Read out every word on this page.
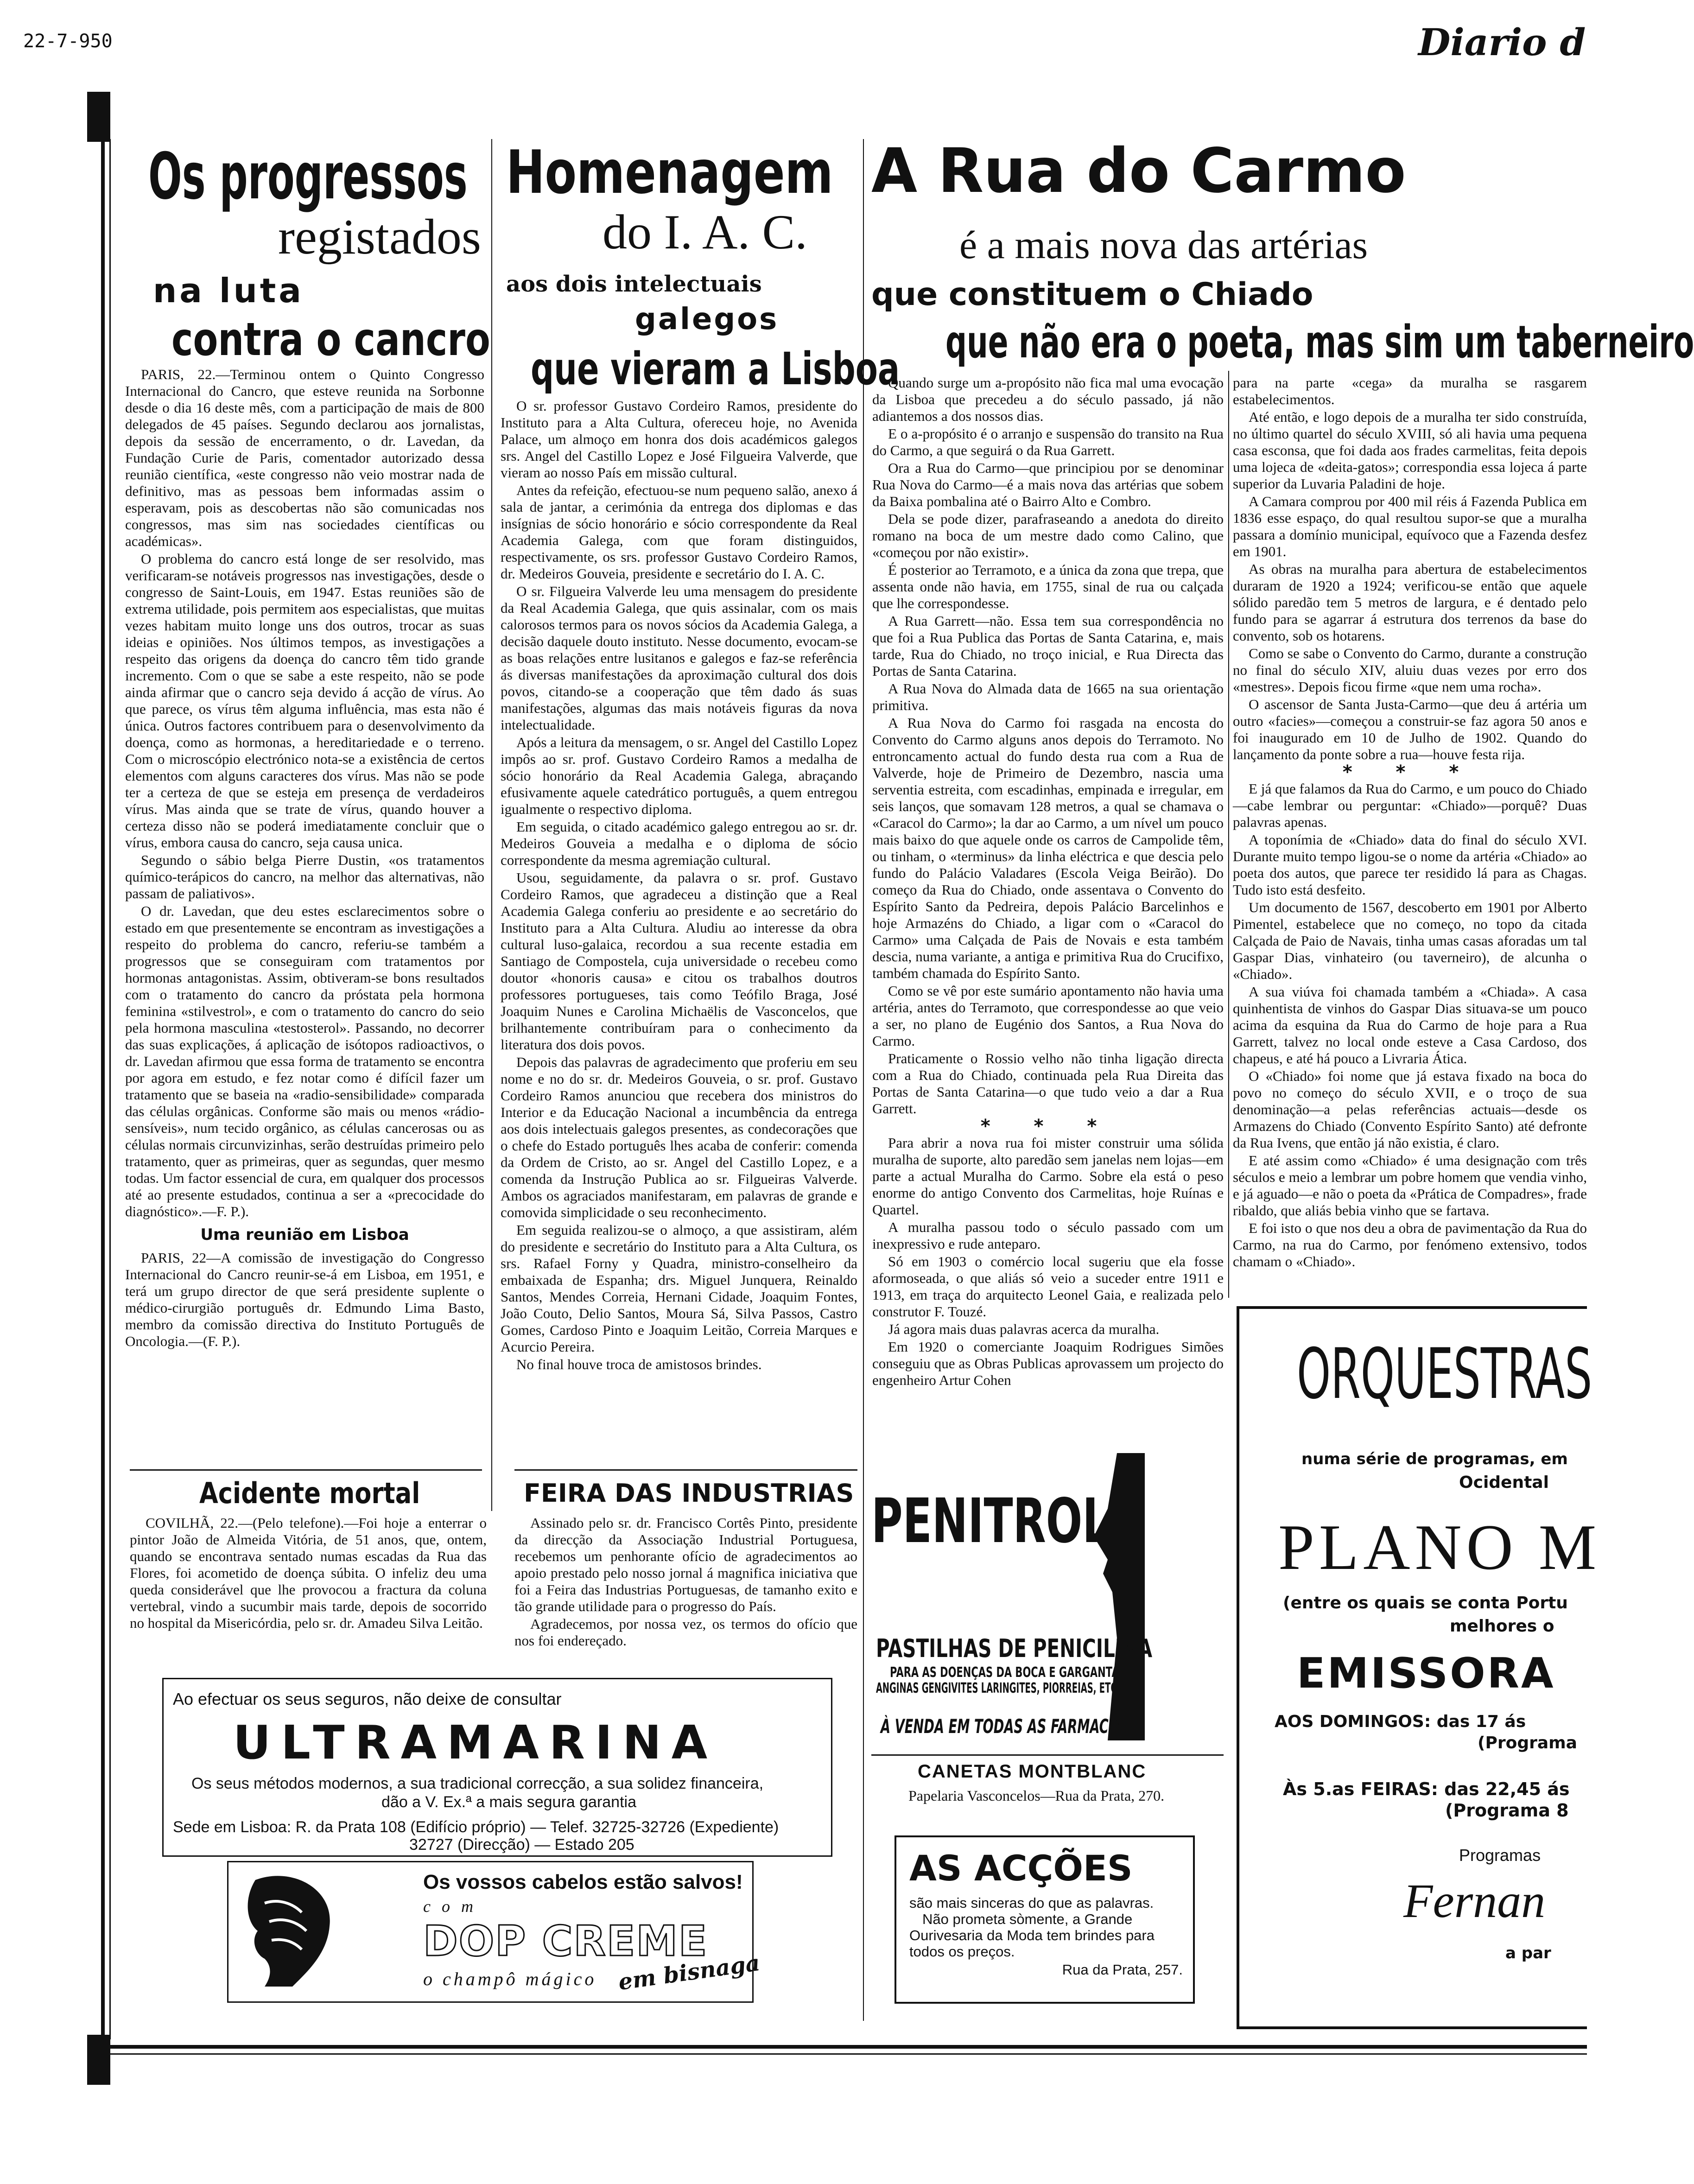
22-7-950	Diario d
Os progressos
registados
na luta
contra o cancro

PARIS, 22.—Terminou ontem o Quinto Congresso Internacional do Cancro, que esteve reunida na Sorbonne desde o dia 16 deste mês, com a participação de mais de 800 delegados de 45 países. Segundo declarou aos jornalistas, depois da sessão de encerramento, o dr. Lavedan, da Fundação Curie de Paris, comentador autorizado dessa reunião científica, «este congresso não veio mostrar nada de definitivo, mas as pessoas bem informadas assim o esperavam, pois as descobertas não são comunicadas nos congressos, mas sim nas sociedades científicas ou académicas».

O problema do cancro está longe de ser resolvido, mas verificaram-se notáveis progressos nas investigações, desde o congresso de Saint-Louis, em 1947. Estas reuniões são de extrema utilidade, pois permitem aos especialistas, que muitas vezes habitam muito longe uns dos outros, trocar as suas ideias e opiniões. Nos últimos tempos, as investigações a respeito das origens da doença do cancro têm tido grande incremento. Com o que se sabe a este respeito, não se pode ainda afirmar que o cancro seja devido á acção de vírus. Ao que parece, os vírus têm alguma influência, mas esta não é única. Outros factores contribuem para o desenvolvimento da doença, como as hormonas, a hereditariedade e o terreno. Com o microscópio electrónico nota-se a existência de certos elementos com alguns caracteres dos vírus. Mas não se pode ter a certeza de que se esteja em presença de verdadeiros vírus. Mas ainda que se trate de vírus, quando houver a certeza disso não se poderá imediatamente concluir que o vírus, embora causa do cancro, seja causa unica.

Segundo o sábio belga Pierre Dustin, «os tratamentos químico-terápicos do cancro, na melhor das alternativas, não passam de paliativos».

O dr. Lavedan, que deu estes esclarecimentos sobre o estado em que presentemente se encontram as investigações a respeito do problema do cancro, referiu-se também a progressos que se conseguiram com tratamentos por hormonas antagonistas. Assim, obtiveram-se bons resultados com o tratamento do cancro da próstata pela hormona feminina «stilvestrol», e com o tratamento do cancro do seio pela hormona masculina «testosterol». Passando, no decorrer das suas explicações, á aplicação de isótopos radioactivos, o dr. Lavedan afirmou que essa forma de tratamento se encontra por agora em estudo, e fez notar como é difícil fazer um tratamento que se baseia na «radio-sensibilidade» comparada das células orgânicas. Conforme são mais ou menos «rádio-sensíveis», num tecido orgânico, as células cancerosas ou as células normais circunvizinhas, serão destruídas primeiro pelo tratamento, quer as primeiras, quer as segundas, quer mesmo todas. Um factor essencial de cura, em qualquer dos processos até ao presente estudados, continua a ser a «precocidade do diagnóstico».—F. P.).

Uma reunião em Lisboa

PARIS, 22—A comissão de investigação do Congresso Internacional do Cancro reunir-se-á em Lisboa, em 1951, e terá um grupo director de que será presidente suplente o médico-cirurgião português dr. Edmundo Lima Basto, membro da comissão directiva do Instituto Português de Oncologia.—(F. P.).

Acidente mortal

COVILHÃ, 22.—(Pelo telefone).—Foi hoje a enterrar o pintor João de Almeida Vitória, de 51 anos, que, ontem, quando se encontrava sentado numas escadas da Rua das Flores, foi acometido de doença súbita. O infeliz deu uma queda considerável que lhe provocou a fractura da coluna vertebral, vindo a sucumbir mais tarde, depois de socorrido no hospital da Misericórdia, pelo sr. dr. Amadeu Silva Leitão.

Homenagem
do I. A. C.
aos dois intelectuais
galegos
que vieram a Lisboa

O sr. professor Gustavo Cordeiro Ramos, presidente do Instituto para a Alta Cultura, ofereceu hoje, no Avenida Palace, um almoço em honra dos dois académicos galegos srs. Angel del Castillo Lopez e José Filgueira Valverde, que vieram ao nosso País em missão cultural.

Antes da refeição, efectuou-se num pequeno salão, anexo á sala de jantar, a cerimónia da entrega dos diplomas e das insígnias de sócio honorário e sócio correspondente da Real Academia Galega, com que foram distinguidos, respectivamente, os srs. professor Gustavo Cordeiro Ramos, dr. Medeiros Gouveia, presidente e secretário do I. A. C.

O sr. Filgueira Valverde leu uma mensagem do presidente da Real Academia Galega, que quis assinalar, com os mais calorosos termos para os novos sócios da Academia Galega, a decisão daquele douto instituto. Nesse documento, evocam-se as boas relações entre lusitanos e galegos e faz-se referência ás diversas manifestações da aproximação cultural dos dois povos, citando-se a cooperação que têm dado ás suas manifestações, algumas das mais notáveis figuras da nova intelectualidade.

Após a leitura da mensagem, o sr. Angel del Castillo Lopez impôs ao sr. prof. Gustavo Cordeiro Ramos a medalha de sócio honorário da Real Academia Galega, abraçando efusivamente aquele catedrático português, a quem entregou igualmente o respectivo diploma.

Em seguida, o citado académico galego entregou ao sr. dr. Medeiros Gouveia a medalha e o diploma de sócio correspondente da mesma agremiação cultural.

Usou, seguidamente, da palavra o sr. prof. Gustavo Cordeiro Ramos, que agradeceu a distinção que a Real Academia Galega conferiu ao presidente e ao secretário do Instituto para a Alta Cultura. Aludiu ao interesse da obra cultural luso-galaica, recordou a sua recente estadia em Santiago de Compostela, cuja universidade o recebeu como doutor «honoris causa» e citou os trabalhos doutros professores portugueses, tais como Teófilo Braga, José Joaquim Nunes e Carolina Michaëlis de Vasconcelos, que brilhantemente contribuíram para o conhecimento da literatura dos dois povos.

Depois das palavras de agradecimento que proferiu em seu nome e no do sr. dr. Medeiros Gouveia, o sr. prof. Gustavo Cordeiro Ramos anunciou que recebera dos ministros do Interior e da Educação Nacional a incumbência da entrega aos dois intelectuais galegos presentes, as condecorações que o chefe do Estado português lhes acaba de conferir: comenda da Ordem de Cristo, ao sr. Angel del Castillo Lopez, e a comenda da Instrução Publica ao sr. Filgueiras Valverde. Ambos os agraciados manifestaram, em palavras de grande e comovida simplicidade o seu reconhecimento.

Em seguida realizou-se o almoço, a que assistiram, além do presidente e secretário do Instituto para a Alta Cultura, os srs. Rafael Forny y Quadra, ministro-conselheiro da embaixada de Espanha; drs. Miguel Junquera, Reinaldo Santos, Mendes Correia, Hernani Cidade, Joaquim Fontes, João Couto, Delio Santos, Moura Sá, Silva Passos, Castro Gomes, Cardoso Pinto e Joaquim Leitão, Correia Marques e Acurcio Pereira.

No final houve troca de amistosos brindes.

FEIRA DAS INDUSTRIAS

Assinado pelo sr. dr. Francisco Cortês Pinto, presidente da direcção da Associação Industrial Portuguesa, recebemos um penhorante ofício de agradecimentos ao apoio prestado pelo nosso jornal á magnifica iniciativa que foi a Feira das Industrias Portuguesas, de tamanho exito e tão grande utilidade para o progresso do País.

Agradecemos, por nossa vez, os termos do ofício que nos foi endereçado.

A Rua do Carmo
é a mais nova das artérias
que constituem o Chiado
que não era o poeta, mas sim um taberneiro

Quando surge um a-propósito não fica mal uma evocação da Lisboa que precedeu a do século passado, já não adiantemos a dos nossos dias.

E o a-propósito é o arranjo e suspensão do transito na Rua do Carmo, a que seguirá o da Rua Garrett.

Ora a Rua do Carmo—que principiou por se denominar Rua Nova do Carmo—é a mais nova das artérias que sobem da Baixa pombalina até o Bairro Alto e Combro.

Dela se pode dizer, parafraseando a anedota do direito romano na boca de um mestre dado como Calino, que «começou por não existir».

É posterior ao Terramoto, e a única da zona que trepa, que assenta onde não havia, em 1755, sinal de rua ou calçada que lhe correspondesse.

A Rua Garrett—não. Essa tem sua correspondência no que foi a Rua Publica das Portas de Santa Catarina, e, mais tarde, Rua do Chiado, no troço inicial, e Rua Directa das Portas de Santa Catarina.

A Rua Nova do Almada data de 1665 na sua orientação primitiva.

A Rua Nova do Carmo foi rasgada na encosta do Convento do Carmo alguns anos depois do Terramoto. No entroncamento actual do fundo desta rua com a Rua de Valverde, hoje de Primeiro de Dezembro, nascia uma serventia estreita, com escadinhas, empinada e irregular, em seis lanços, que somavam 128 metros, a qual se chamava o «Caracol do Carmo»; la dar ao Carmo, a um nível um pouco mais baixo do que aquele onde os carros de Campolide têm, ou tinham, o «terminus» da linha eléctrica e que descia pelo fundo do Palácio Valadares (Escola Veiga Beirão). Do começo da Rua do Chiado, onde assentava o Convento do Espírito Santo da Pedreira, depois Palácio Barcelinhos e hoje Armazéns do Chiado, a ligar com o «Caracol do Carmo» uma Calçada de Pais de Novais e esta também descia, numa variante, a antiga e primitiva Rua do Crucifixo, também chamada do Espírito Santo.

Como se vê por este sumário apontamento não havia uma artéria, antes do Terramoto, que correspondesse ao que veio a ser, no plano de Eugénio dos Santos, a Rua Nova do Carmo.

Praticamente o Rossio velho não tinha ligação directa com a Rua do Chiado, continuada pela Rua Direita das Portas de Santa Catarina—o que tudo veio a dar a Rua Garrett.

* * *

Para abrir a nova rua foi mister construir uma sólida muralha de suporte, alto paredão sem janelas nem lojas—em parte a actual Muralha do Carmo. Sobre ela está o peso enorme do antigo Convento dos Carmelitas, hoje Ruínas e Quartel.

A muralha passou todo o século passado com um inexpressivo e rude anteparo.

Só em 1903 o comércio local sugeriu que ela fosse aformoseada, o que aliás só veio a suceder entre 1911 e 1913, em traça do arquitecto Leonel Gaia, e realizada pelo construtor F. Touzé.

Já agora mais duas palavras acerca da muralha.

Em 1920 o comerciante Joaquim Rodrigues Simões conseguiu que as Obras Publicas aprovassem um projecto do engenheiro Artur Cohen

para na parte «cega» da muralha se rasgarem estabelecimentos.

Até então, e logo depois de a muralha ter sido construída, no último quartel do século XVIII, só ali havia uma pequena casa esconsa, que foi dada aos frades carmelitas, feita depois uma lojeca de «deita-gatos»; correspondia essa lojeca á parte superior da Luvaria Paladini de hoje.

A Camara comprou por 400 mil réis á Fazenda Publica em 1836 esse espaço, do qual resultou supor-se que a muralha passara a domínio municipal, equívoco que a Fazenda desfez em 1901.

As obras na muralha para abertura de estabelecimentos duraram de 1920 a 1924; verificou-se então que aquele sólido paredão tem 5 metros de largura, e é dentado pelo fundo para se agarrar á estrutura dos terrenos da base do convento, sob os hotarens.

Como se sabe o Convento do Carmo, durante a construção no final do século XIV, aluiu duas vezes por erro dos «mestres». Depois ficou firme «que nem uma rocha».

O ascensor de Santa Justa-Carmo—que deu á artéria um outro «facies»—começou a construir-se faz agora 50 anos e foi inaugurado em 10 de Julho de 1902. Quando do lançamento da ponte sobre a rua—houve festa rija.

* * *

E já que falamos da Rua do Carmo, e um pouco do Chiado—cabe lembrar ou perguntar: «Chiado»—porquê? Duas palavras apenas.

A toponímia de «Chiado» data do final do século XVI. Durante muito tempo ligou-se o nome da artéria «Chiado» ao poeta dos autos, que parece ter residido lá para as Chagas. Tudo isto está desfeito.

Um documento de 1567, descoberto em 1901 por Alberto Pimentel, estabelece que no começo, no topo da citada Calçada de Paio de Navais, tinha umas casas aforadas um tal Gaspar Dias, vinhateiro (ou taverneiro), de alcunha o «Chiado».

A sua viúva foi chamada também a «Chiada». A casa quinhentista de vinhos do Gaspar Dias situava-se um pouco acima da esquina da Rua do Carmo de hoje para a Rua Garrett, talvez no local onde esteve a Casa Cardoso, dos chapeus, e até há pouco a Livraria Ática.

O «Chiado» foi nome que já estava fixado na boca do povo no começo do século XVII, e o troço de sua denominação—a pelas referências actuais—desde os Armazens do Chiado (Convento Espírito Santo) até defronte da Rua Ivens, que então já não existia, é claro.

E até assim como «Chiado» é uma designação com três séculos e meio a lembrar um pobre homem que vendia vinho, e já aguado—e não o poeta da «Prática de Compadres», frade ribaldo, que aliás bebia vinho que se fartava.

E foi isto o que nos deu a obra de pavimentação da Rua do Carmo, na rua do Carmo, por fenómeno extensivo, todos chamam o «Chiado».

Ao efectuar os seus seguros, não deixe de consultar
ULTRAMARINA
Os seus métodos modernos, a sua tradicional correcção, a sua solidez financeira,
dão a V. Ex.ª a mais segura garantia
Sede em Lisboa: R. da Prata 108 (Edifício próprio) — Telef. 32725-32726 (Expediente)
32727 (Direcção) — Estado 205
Os vossos cabelos estão salvos!
com
DOP CREME
o champô mágico em bisnaga
PENITROL
PASTILHAS DE PENICILINA
PARA AS DOENÇAS DA BOCA E GARGANTA
ANGINAS GENGIVITES LARINGITES, PIORREIAS, ETC.
À VENDA EM TODAS AS FARMACIAS
CANETAS MONTBLANC
Papelaria Vasconcelos—Rua da Prata, 270.
AS ACÇÕES
são mais sinceras do que as palavras.
Não prometa sòmente, a Grande Ourivesaria da Moda tem brindes para todos os preços.
Rua da Prata, 257.
ORQUESTRAS
numa série de programas, em
Ocidental
PLANO M
(entre os quais se conta Portu
melhores o
EMISSORA
AOS DOMINGOS: das 17 ás
(Programa
Às 5.as FEIRAS: das 22,45 ás
(Programa 8
Programas
Fernan
a par
